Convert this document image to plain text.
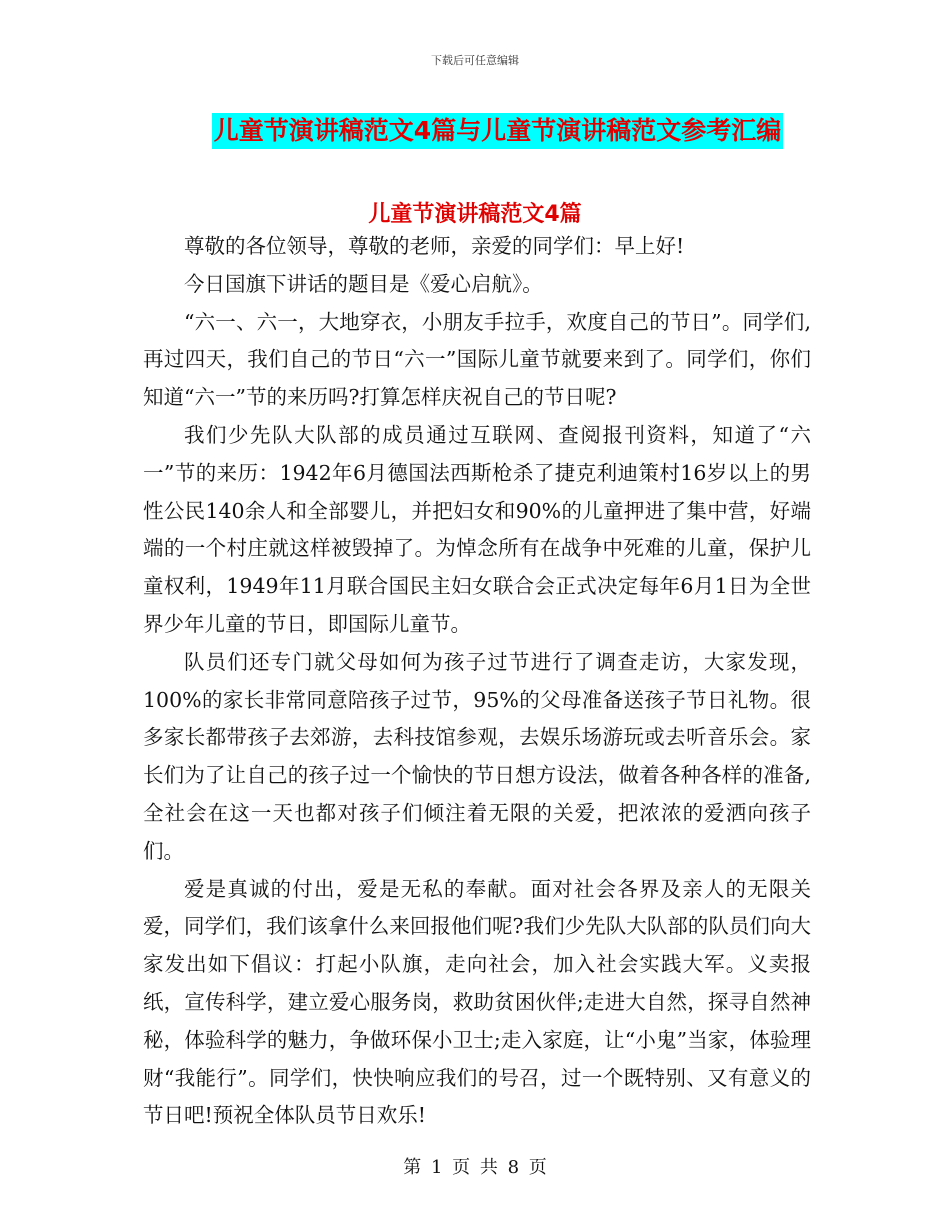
下载后可任意编辑
儿童节演讲稿范文4篇与儿童节演讲稿范文参考汇编
儿童节演讲稿范文4篇

尊敬的各位领导，尊敬的老师，亲爱的同学们：早上好!

今日国旗下讲话的题目是《爱心启航》。

“六一、六一，大地穿衣，小朋友手拉手，欢度自己的节日”。同学们,再过四天，我们自己的节日“六一”国际儿童节就要来到了。同学们，你们知道“六一”节的来历吗?打算怎样庆祝自己的节日呢?

我们少先队大队部的成员通过互联网、查阅报刊资料，知道了“六一”节的来历：1942年6月德国法西斯枪杀了捷克利迪策村16岁以上的男性公民140余人和全部婴儿，并把妇女和90%的儿童押进了集中营，好端端的一个村庄就这样被毁掉了。为悼念所有在战争中死难的儿童，保护儿童权利，1949年11月联合国民主妇女联合会正式决定每年6月1日为全世界少年儿童的节日，即国际儿童节。

队员们还专门就父母如何为孩子过节进行了调查走访，大家发现，100%的家长非常同意陪孩子过节，95%的父母准备送孩子节日礼物。很多家长都带孩子去郊游，去科技馆参观，去娱乐场游玩或去听音乐会。家长们为了让自己的孩子过一个愉快的节日想方设法，做着各种各样的准备,全社会在这一天也都对孩子们倾注着无限的关爱，把浓浓的爱洒向孩子们。

爱是真诚的付出，爱是无私的奉献。面对社会各界及亲人的无限关爱，同学们，我们该拿什么来回报他们呢?我们少先队大队部的队员们向大家发出如下倡议：打起小队旗，走向社会，加入社会实践大军。义卖报纸，宣传科学，建立爱心服务岗，救助贫困伙伴;走进大自然，探寻自然神秘，体验科学的魅力，争做环保小卫士;走入家庭，让“小鬼”当家，体验理财“我能行”。同学们，快快响应我们的号召，过一个既特别、又有意义的节日吧!预祝全体队员节日欢乐!

第 1 页 共 8 页
